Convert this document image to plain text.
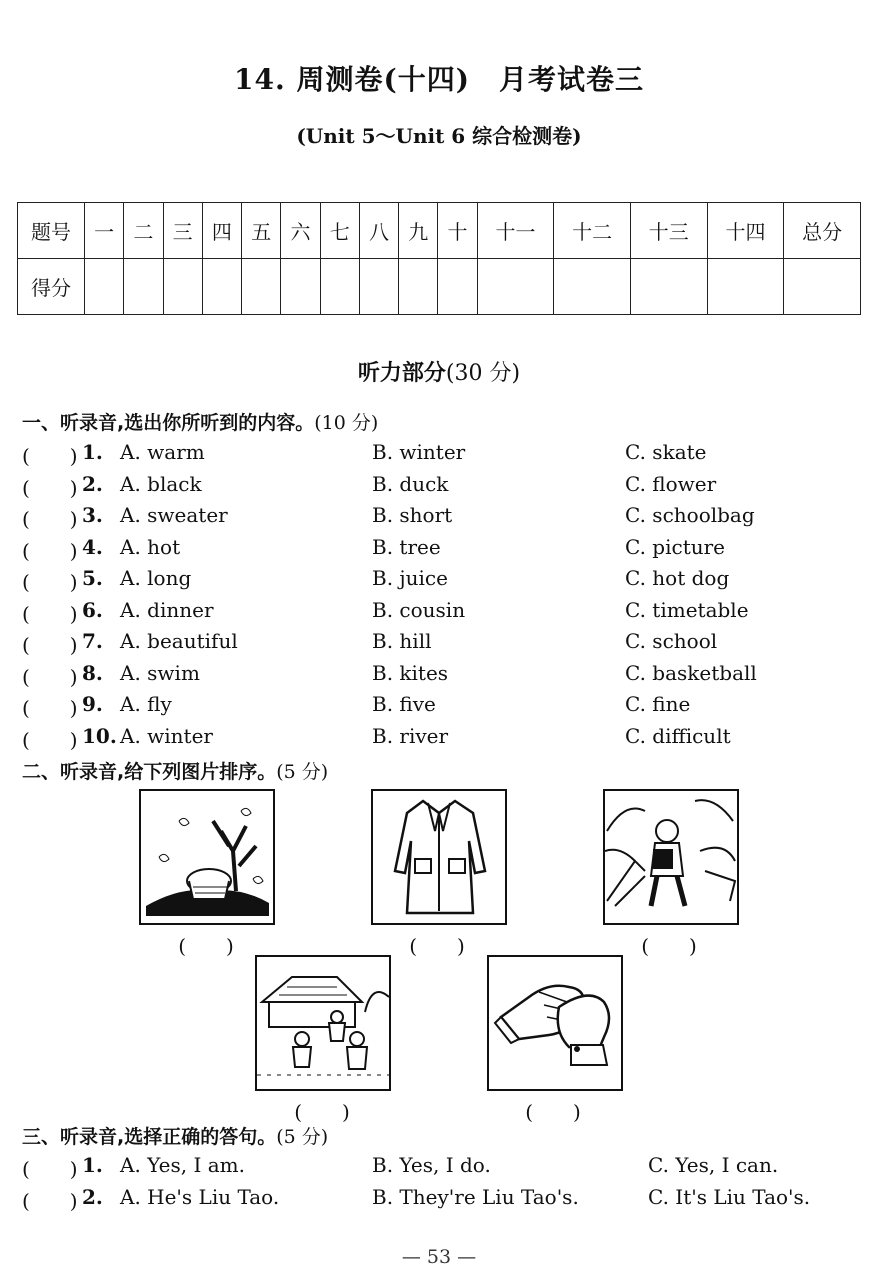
14. 周测卷(十四)　月考试卷三
(Unit 5～Unit 6 综合检测卷)
题号	一	二	三	四	五	六	七	八	九	十	十一	十二	十三	十四	总分
得分															
听力部分(30 分)
一、听录音,选出你所听到的内容。(10 分)
(　　) 1. A. warm	B. winter	C. skate
(　　) 2. A. black	B. duck	C. flower
(　　) 3. A. sweater	B. short	C. schoolbag
(　　) 4. A. hot	B. tree	C. picture
(　　) 5. A. long	B. juice	C. hot dog
(　　) 6. A. dinner	B. cousin	C. timetable
(　　) 7. A. beautiful	B. hill	C. school
(　　) 8. A. swim	B. kites	C. basketball
(　　) 9. A. fly	B. five	C. fine
(　　) 10. A. winter	B. river	C. difficult
二、听录音,给下列图片排序。(5 分)
(　　)	(　　)	(　　)
(　　)	(　　)
三、听录音,选择正确的答句。(5 分)
(　　) 1. A. Yes, I am.	B. Yes, I do.	C. Yes, I can.
(　　) 2. A. He's Liu Tao.	B. They're Liu Tao's.	C. It's Liu Tao's.
— 53 —
